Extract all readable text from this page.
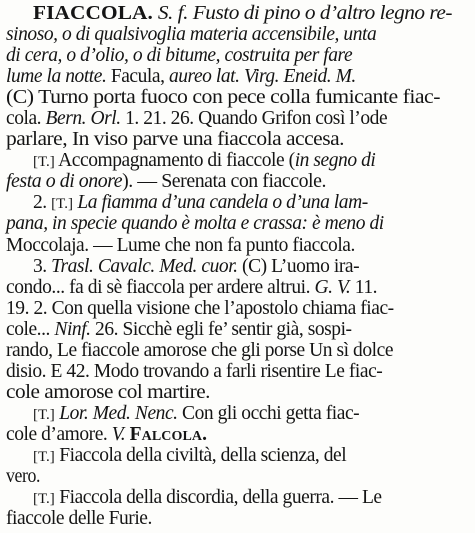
FIACCOLA. S. f. Fusto di pino o d’altro legno re-
sinoso, o di qualsivoglia materia accensibile, unta
di cera, o d’olio, o di bitume, costruita per fare
lume la notte. Facula, aureo lat. Virg. Eneid. M.
(C) Turno porta fuoco con pece colla fumicante fiac-
cola. Bern. Orl. 1. 21. 26. Quando Grifon così l’ode
parlare, In viso parve una fiaccola accesa.
[T.] Accompagnamento di fiaccole (in segno di
festa o di onore). — Serenata con fiaccole.
2. [T.] La fiamma d’una candela o d’una lam-
pana, in specie quando è molta e crassa: è meno di
Moccolaja. — Lume che non fa punto fiaccola.
3. Trasl. Cavalc. Med. cuor. (C) L’uomo ira-
condo... fa di sè fiaccola per ardere altrui. G. V. 11.
19. 2. Con quella visione che l’apostolo chiama fiac-
cole... Ninf. 26. Sicchè egli fe’ sentir già, sospi-
rando, Le fiaccole amorose che gli porse Un sì dolce
disio. E 42. Modo trovando a farli risentire Le fiac-
cole amorose col martire.
[T.] Lor. Med. Nenc. Con gli occhi getta fiac-
cole d’amore. V. Falcola.
[T.] Fiaccola della civiltà, della scienza, del
vero.
[T.] Fiaccola della discordia, della guerra. — Le
fiaccole delle Furie.
